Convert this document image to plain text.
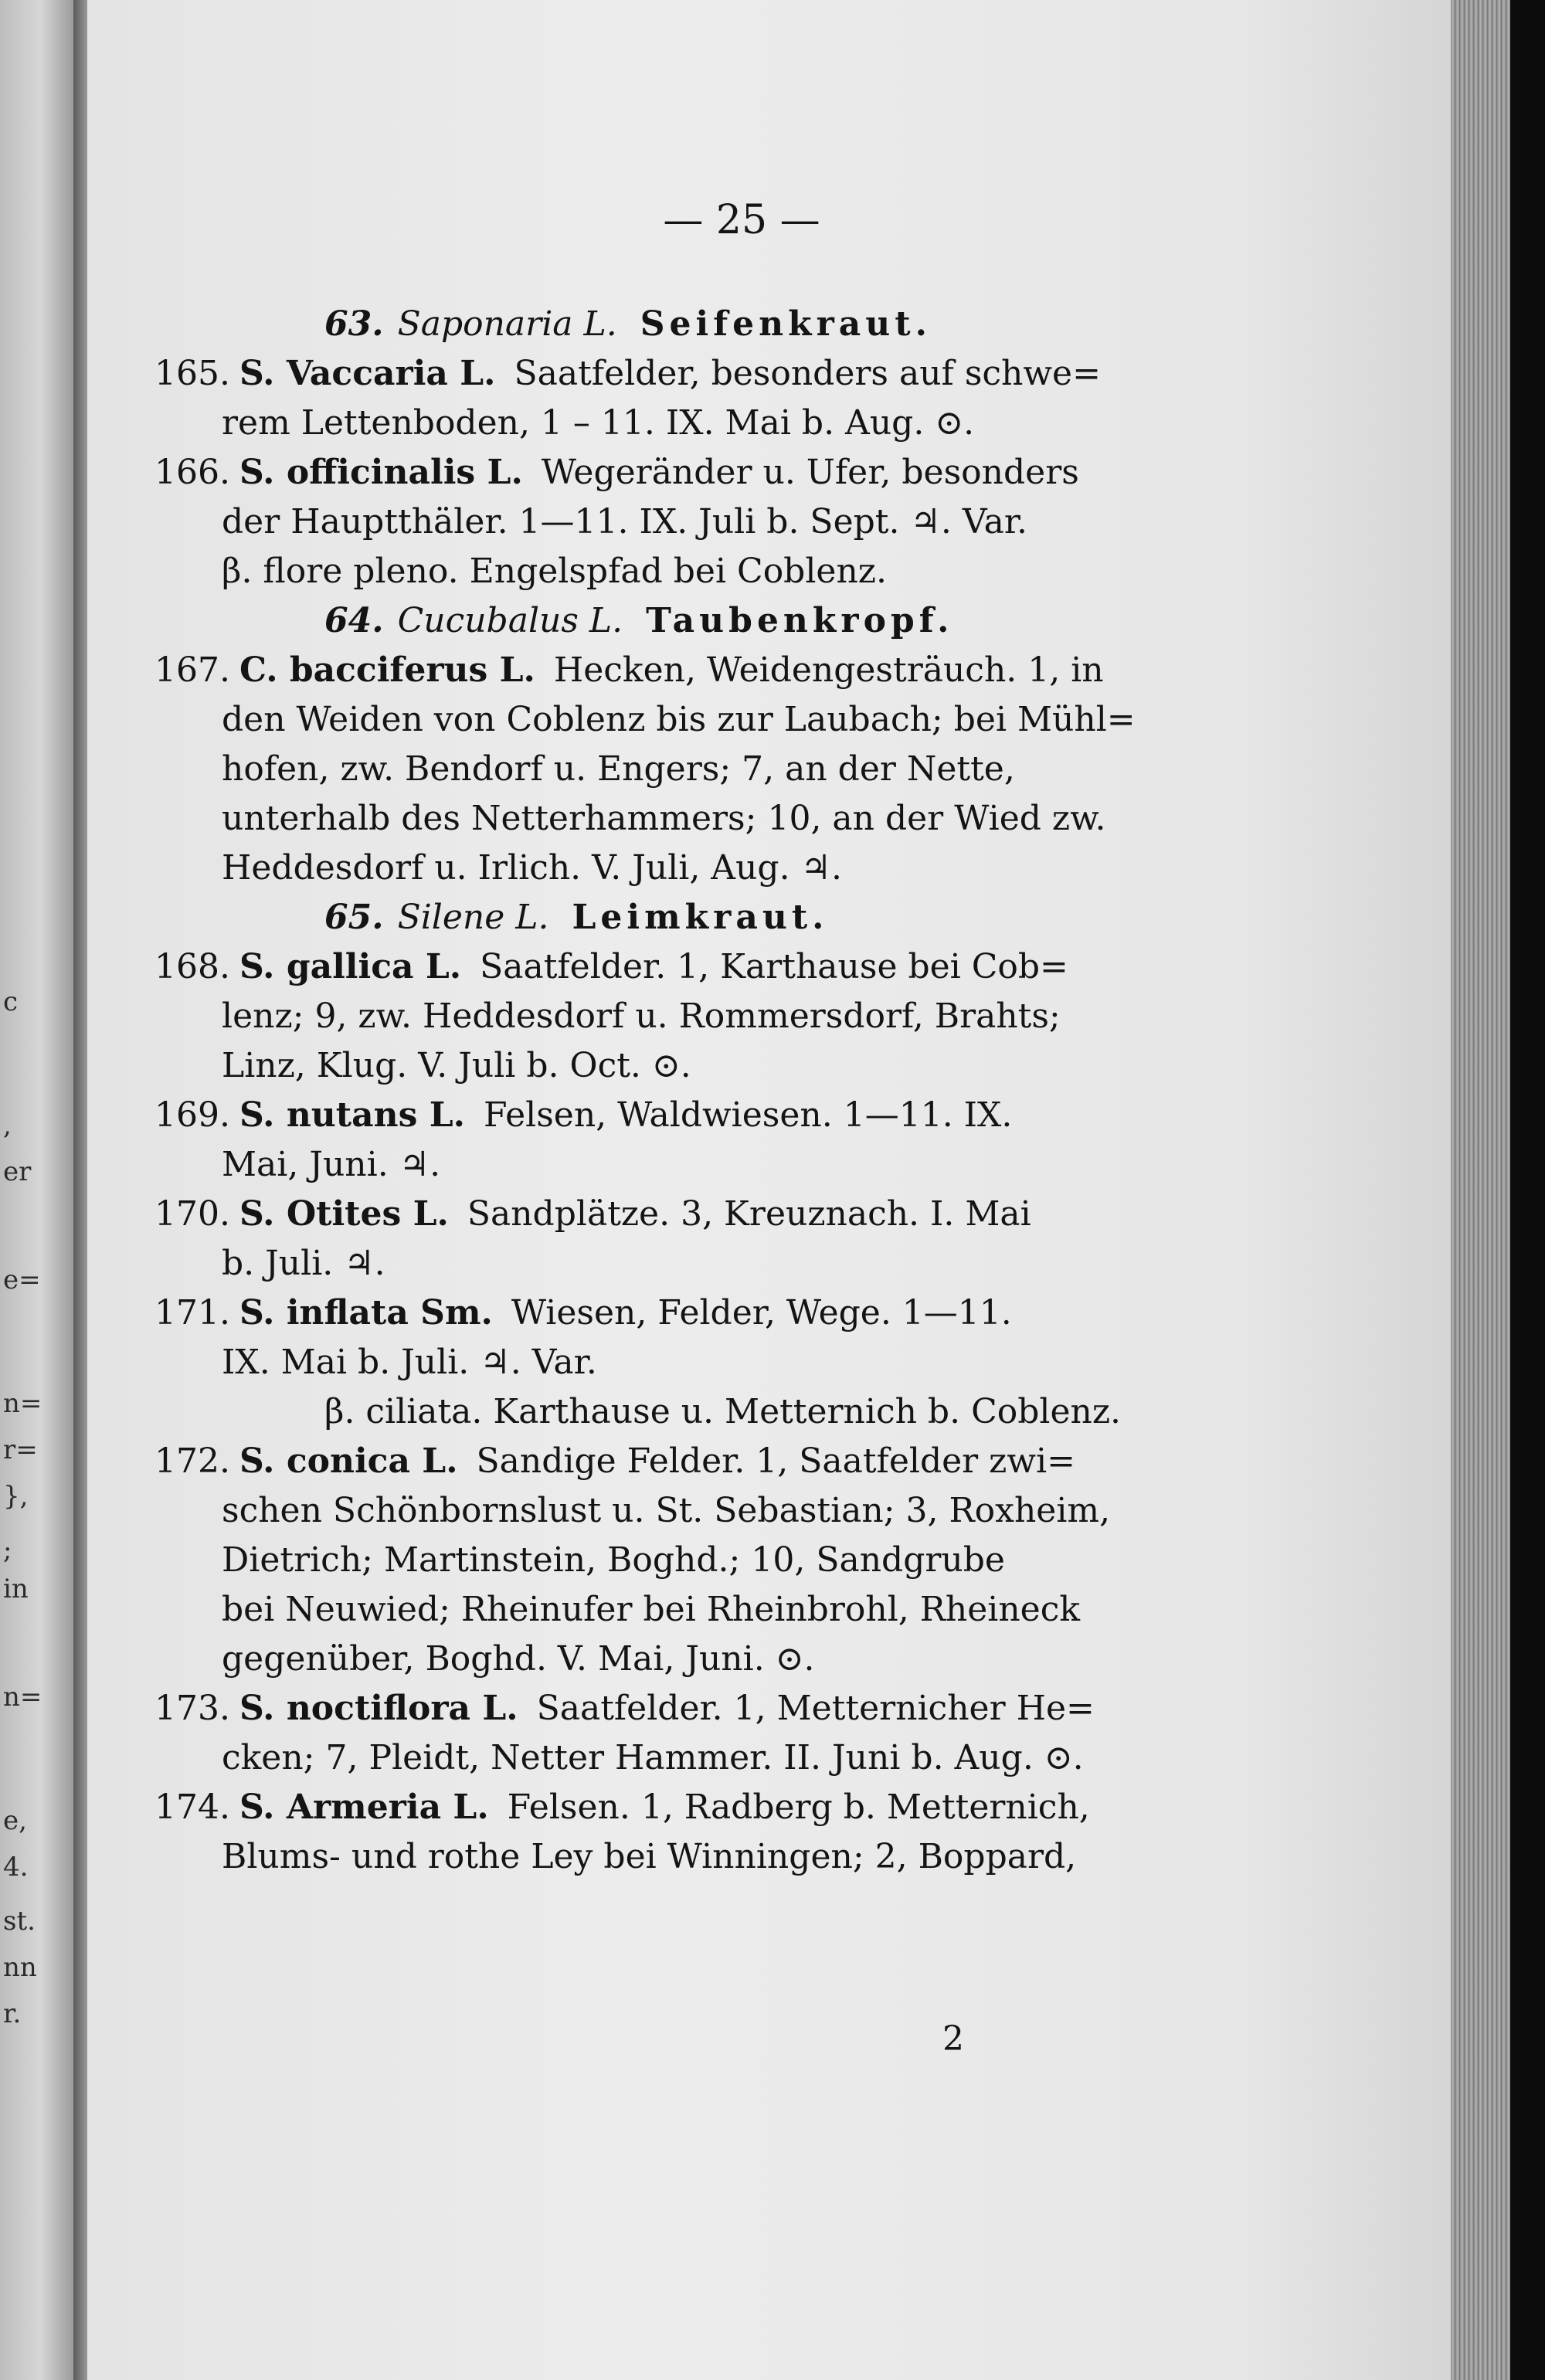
c
,
er
e=
n=
r=
},
;
in
n=
e,
4.
st.
nn
r.
— 25 —
63. Saponaria L. Seifenkraut.
165. S. Vaccaria L. Saatfelder, besonders auf schwe=
rem Lettenboden, 1 – 11. IX. Mai b. Aug. ⊙.
166. S. officinalis L. Wegeränder u. Ufer, besonders
der Hauptthäler. 1—11. IX. Juli b. Sept. ♃. Var.
β. flore pleno. Engelspfad bei Coblenz.
64. Cucubalus L. Taubenkropf.
167. C. bacciferus L. Hecken, Weidengesträuch. 1, in
den Weiden von Coblenz bis zur Laubach; bei Mühl=
hofen, zw. Bendorf u. Engers; 7, an der Nette,
unterhalb des Netterhammers; 10, an der Wied zw.
Heddesdorf u. Irlich. V. Juli, Aug. ♃.
65. Silene L. Leimkraut.
168. S. gallica L. Saatfelder. 1, Karthause bei Cob=
lenz; 9, zw. Heddesdorf u. Rommersdorf, Brahts;
Linz, Klug. V. Juli b. Oct. ⊙.
169. S. nutans L. Felsen, Waldwiesen. 1—11. IX.
Mai, Juni. ♃.
170. S. Otites L. Sandplätze. 3, Kreuznach. I. Mai
b. Juli. ♃.
171. S. inflata Sm. Wiesen, Felder, Wege. 1—11.
IX. Mai b. Juli. ♃. Var.
β. ciliata. Karthause u. Metternich b. Coblenz.
172. S. conica L. Sandige Felder. 1, Saatfelder zwi=
schen Schönbornslust u. St. Sebastian; 3, Roxheim,
Dietrich; Martinstein, Boghd.; 10, Sandgrube
bei Neuwied; Rheinufer bei Rheinbrohl, Rheineck
gegenüber, Boghd. V. Mai, Juni. ⊙.
173. S. noctiflora L. Saatfelder. 1, Metternicher He=
cken; 7, Pleidt, Netter Hammer. II. Juni b. Aug. ⊙.
174. S. Armeria L. Felsen. 1, Radberg b. Metternich,
Blums- und rothe Ley bei Winningen; 2, Boppard,
2
